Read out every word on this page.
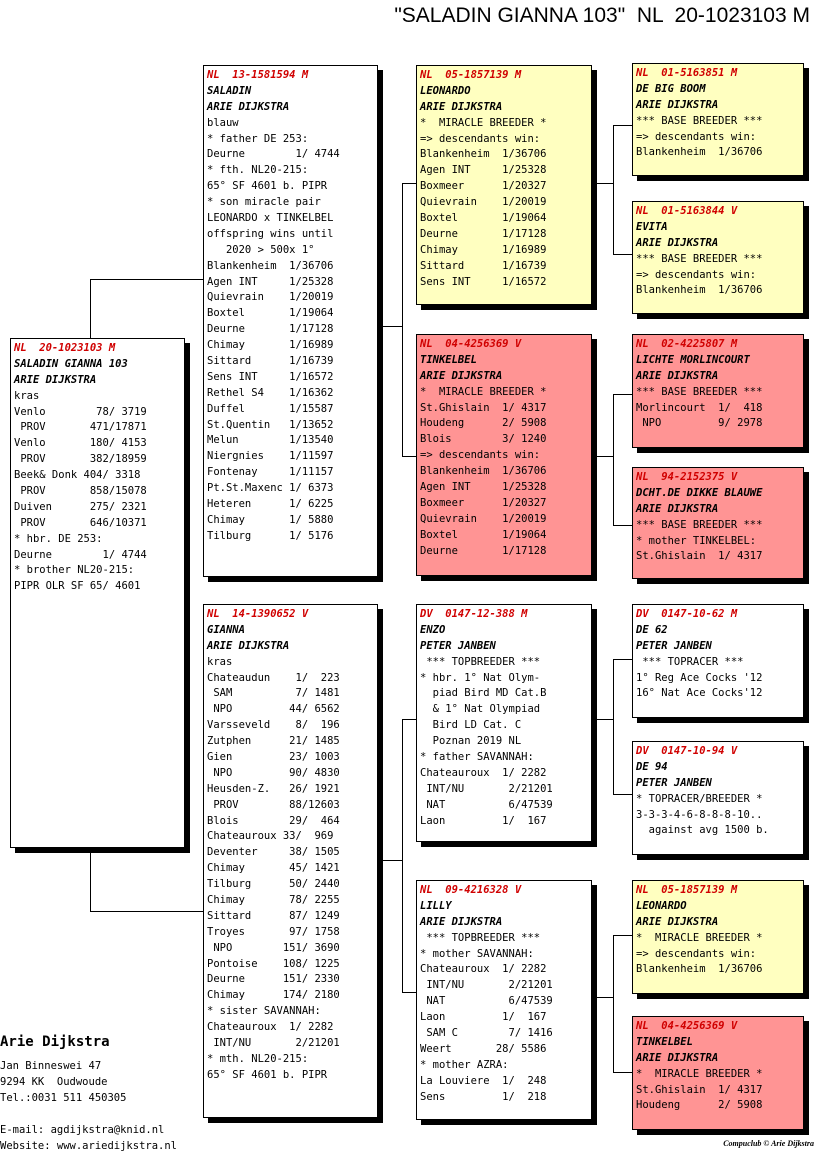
"SALADIN GIANNA 103"  NL  20-1023103 M
NL  20-1023103 M
SALADIN GIANNA 103
ARIE DIJKSTRA
kras
Venlo        78/ 3719
PROV       471/17871
Venlo       180/ 4153
PROV       382/18959
Beek& Donk 404/ 3318
PROV       858/15078
Duiven      275/ 2321
PROV       646/10371
* hbr. DE 253:
Deurne        1/ 4744
* brother NL20-215:
PIPR OLR SF 65/ 4601
NL  13-1581594 M
SALADIN
ARIE DIJKSTRA
blauw
* father DE 253:
Deurne        1/ 4744
* fth. NL20-215:
65° SF 4601 b. PIPR
* son miracle pair
LEONARDO x TINKELBEL
offspring wins until
2020 > 500x 1°
Blankenheim  1/36706
Agen INT     1/25328
Quievrain    1/20019
Boxtel       1/19064
Deurne       1/17128
Chimay       1/16989
Sittard      1/16739
Sens INT     1/16572
Rethel S4    1/16362
Duffel       1/15587
St.Quentin   1/13652
Melun        1/13540
Niergnies    1/11597
Fontenay     1/11157
Pt.St.Maxenc 1/ 6373
Heteren      1/ 6225
Chimay       1/ 5880
Tilburg      1/ 5176
NL  14-1390652 V
GIANNA
ARIE DIJKSTRA
kras
Chateaudun    1/  223
SAM          7/ 1481
NPO         44/ 6562
Varsseveld    8/  196
Zutphen      21/ 1485
Gien         23/ 1003
NPO         90/ 4830
Heusden-Z.   26/ 1921
PROV        88/12603
Blois        29/  464
Chateauroux 33/  969
Deventer     38/ 1505
Chimay       45/ 1421
Tilburg      50/ 2440
Chimay       78/ 2255
Sittard      87/ 1249
Troyes       97/ 1758
NPO        151/ 3690
Pontoise    108/ 1225
Deurne      151/ 2330
Chimay      174/ 2180
* sister SAVANNAH:
Chateauroux  1/ 2282
INT/NU       2/21201
* mth. NL20-215:
65° SF 4601 b. PIPR
NL  05-1857139 M
LEONARDO
ARIE DIJKSTRA
*  MIRACLE BREEDER *
=> descendants win:
Blankenheim  1/36706
Agen INT     1/25328
Boxmeer      1/20327
Quievrain    1/20019
Boxtel       1/19064
Deurne       1/17128
Chimay       1/16989
Sittard      1/16739
Sens INT     1/16572
NL  04-4256369 V
TINKELBEL
ARIE DIJKSTRA
*  MIRACLE BREEDER *
St.Ghislain  1/ 4317
Houdeng      2/ 5908
Blois        3/ 1240
=> descendants win:
Blankenheim  1/36706
Agen INT     1/25328
Boxmeer      1/20327
Quievrain    1/20019
Boxtel       1/19064
Deurne       1/17128
DV  0147-12-388 M
ENZO
PETER JANBEN
*** TOPBREEDER ***
* hbr. 1° Nat Olym-
piad Bird MD Cat.B
& 1° Nat Olympiad
Bird LD Cat. C
Poznan 2019 NL
* father SAVANNAH:
Chateauroux  1/ 2282
INT/NU       2/21201
NAT          6/47539
Laon         1/  167
NL  09-4216328 V
LILLY
ARIE DIJKSTRA
*** TOPBREEDER ***
* mother SAVANNAH:
Chateauroux  1/ 2282
INT/NU       2/21201
NAT          6/47539
Laon         1/  167
SAM C        7/ 1416
Weert       28/ 5586
* mother AZRA:
La Louviere  1/  248
Sens         1/  218
NL  01-5163851 M
DE BIG BOOM
ARIE DIJKSTRA
*** BASE BREEDER ***
=> descendants win:
Blankenheim  1/36706
NL  01-5163844 V
EVITA
ARIE DIJKSTRA
*** BASE BREEDER ***
=> descendants win:
Blankenheim  1/36706
NL  02-4225807 M
LICHTE MORLINCOURT
ARIE DIJKSTRA
*** BASE BREEDER ***
Morlincourt  1/  418
NPO         9/ 2978
NL  94-2152375 V
DCHT.DE DIKKE BLAUWE
ARIE DIJKSTRA
*** BASE BREEDER ***
* mother TINKELBEL:
St.Ghislain  1/ 4317
DV  0147-10-62 M
DE 62
PETER JANBEN
*** TOPRACER ***
1° Reg Ace Cocks '12
16° Nat Ace Cocks'12
DV  0147-10-94 V
DE 94
PETER JANBEN
* TOPRACER/BREEDER *
3-3-3-4-6-8-8-8-10..
against avg 1500 b.
NL  05-1857139 M
LEONARDO
ARIE DIJKSTRA
*  MIRACLE BREEDER *
=> descendants win:
Blankenheim  1/36706
NL  04-4256369 V
TINKELBEL
ARIE DIJKSTRA
*  MIRACLE BREEDER *
St.Ghislain  1/ 4317
Houdeng      2/ 5908
Arie Dijkstra
Jan Binneswei 47
9294 KK  Oudwoude
Tel.:0031 511 450305
E-mail: agdijkstra@knid.nl
Website: www.ariedijkstra.nl	Compuclub © Arie Dijkstra
